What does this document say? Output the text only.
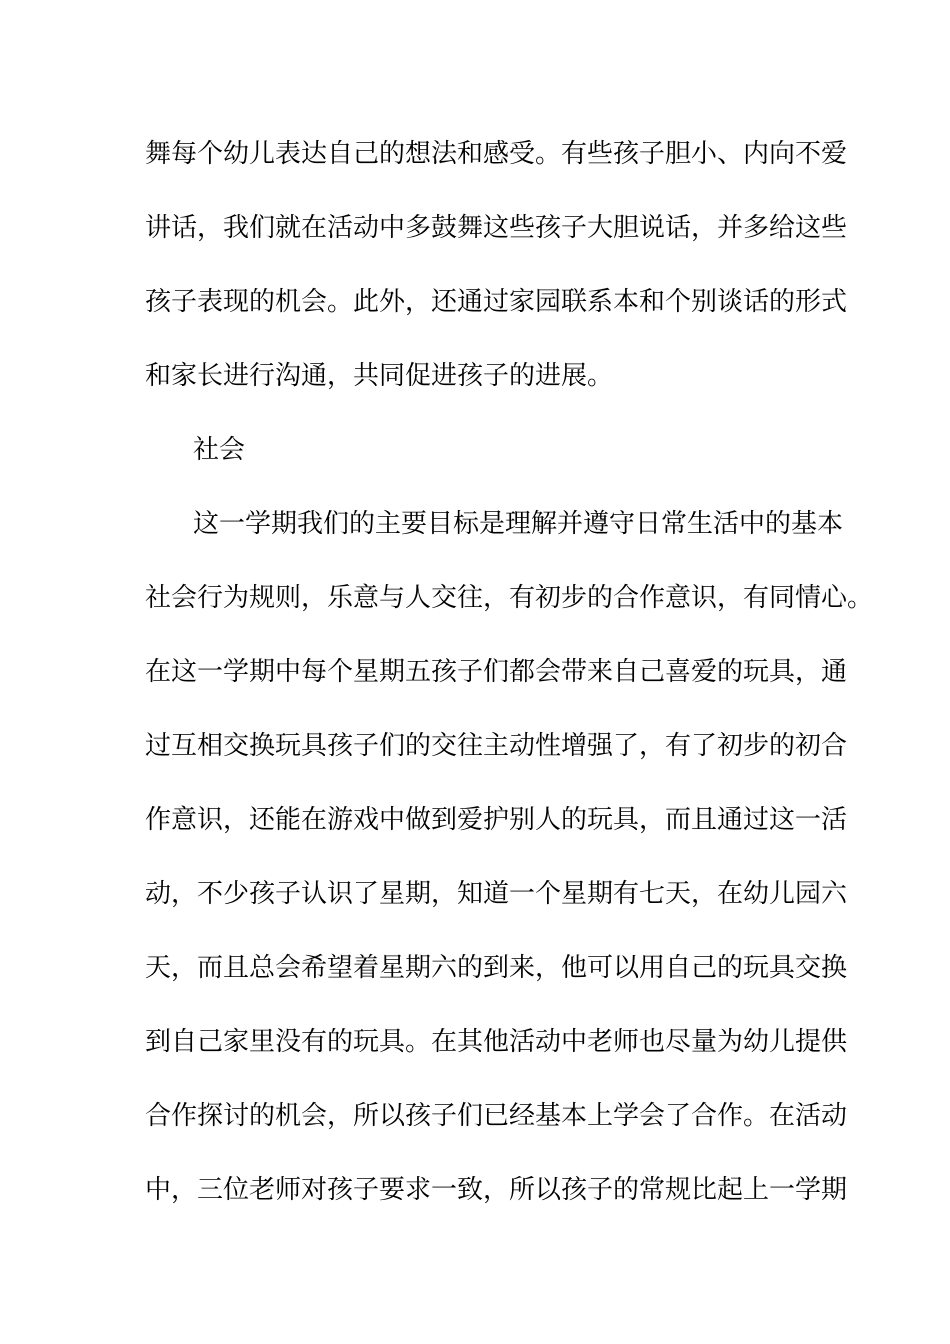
舞每个幼儿表达自己的想法和感受。有些孩子胆小、内向不爱
讲话，我们就在活动中多鼓舞这些孩子大胆说话，并多给这些
孩子表现的机会。此外，还通过家园联系本和个别谈话的形式
和家长进行沟通，共同促进孩子的进展。
社会
这一学期我们的主要目标是理解并遵守日常生活中的基本
社会行为规则，乐意与人交往，有初步的合作意识，有同情心。
在这一学期中每个星期五孩子们都会带来自己喜爱的玩具，通
过互相交换玩具孩子们的交往主动性增强了，有了初步的初合
作意识，还能在游戏中做到爱护别人的玩具，而且通过这一活
动，不少孩子认识了星期，知道一个星期有七天，在幼儿园六
天，而且总会希望着星期六的到来，他可以用自己的玩具交换
到自己家里没有的玩具。在其他活动中老师也尽量为幼儿提供
合作探讨的机会，所以孩子们已经基本上学会了合作。在活动
中，三位老师对孩子要求一致，所以孩子的常规比起上一学期
